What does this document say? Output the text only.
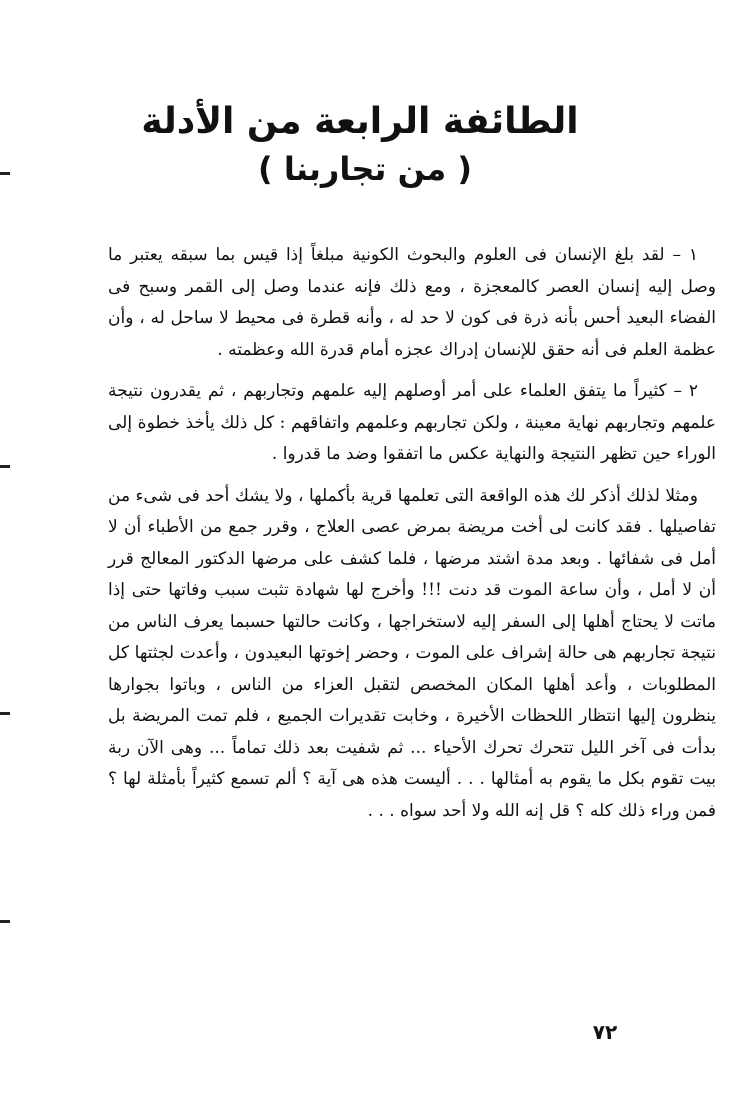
الطائفة الرابعة من الأدلة
( من تجاربنا )

١ – لقد بلغ الإنسان فى العلوم والبحوث الكونية مبلغاً إذا قيس بما سبقه يعتبر ما وصل إليه إنسان العصر كالمعجزة ، ومع ذلك فإنه عندما وصل إلى القمر وسبح فى الفضاء البعيد أحس بأنه ذرة فى كون لا حد له ، وأنه قطرة فى محيط لا ساحل له ، وأن عظمة العلم فى أنه حقق للإنسان إدراك عجزه أمام قدرة الله وعظمته .

٢ – كثيراً ما يتفق العلماء على أمر أوصلهم إليه علمهم وتجاربهم ، ثم يقدرون نتيجة علمهم وتجاربهم نهاية معينة ، ولكن تجاربهم وعلمهم واتفاقهم : كل ذلك يأخذ خطوة إلى الوراء حين تظهر النتيجة والنهاية عكس ما اتفقوا وضد ما قدروا .

ومثلا لذلك أذكر لك هذه الواقعة التى تعلمها قرية بأكملها ، ولا يشك أحد فى شىء من تفاصيلها . فقد كانت لى أخت مريضة بمرض عصى العلاج ، وقرر جمع من الأطباء أن لا أمل فى شفائها . وبعد مدة اشتد مرضها ، فلما كشف على مرضها الدكتور المعالج قرر أن لا أمل ، وأن ساعة الموت قد دنت !!! وأخرج لها شهادة تثبت سبب وفاتها حتى إذا ماتت لا يحتاج أهلها إلى السفر إليه لاستخراجها ، وكانت حالتها حسبما يعرف الناس من نتيجة تجاربهم هى حالة إشراف على الموت ، وحضر إخوتها البعيدون ، وأعدت لجثتها كل المطلوبات ، وأعد أهلها المكان المخصص لتقبل العزاء من الناس ، وباتوا بجوارها ينظرون إليها انتظار اللحظات الأخيرة ، وخابت تقديرات الجميع ، فلم تمت المريضة بل بدأت فى آخر الليل تتحرك تحرك الأحياء ... ثم شفيت بعد ذلك تماماً ... وهى الآن ربة بيت تقوم بكل ما يقوم به أمثالها . . . أليست هذه هى آية ؟ ألم تسمع كثيراً بأمثلة لها ؟ فمن وراء ذلك كله ؟ قل إنه الله ولا أحد سواه . . .

٧٢
